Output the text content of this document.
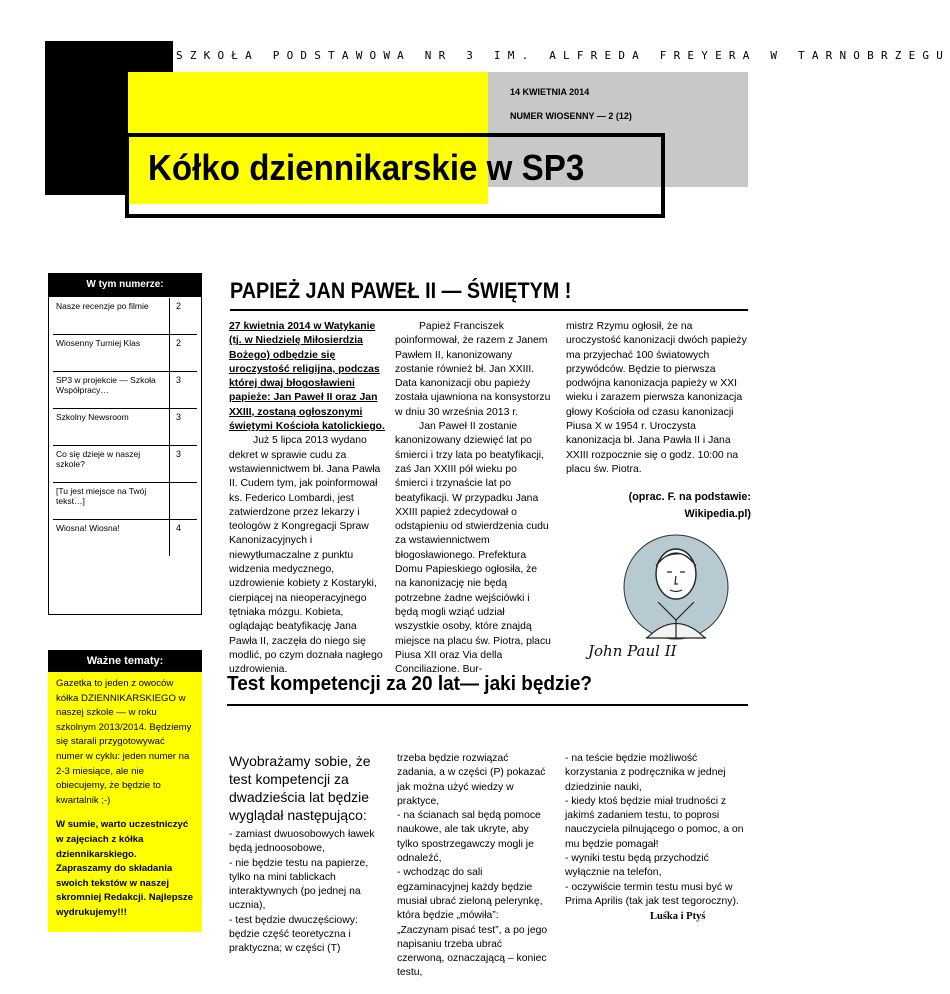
SZKOŁA PODSTAWOWA NR 3 IM. ALFREDA FREYERA W TARNOBRZEGU
14 KWIETNIA 2014
NUMER WIOSENNY — 2 (12)
Kółko dziennikarskie w SP3
W tym numerze:
Nasze recenzje po filmie	2
Wiosenny Turniej Klas	2
SP3 w projekcie — Szkoła Współpracy…	3
Szkolny Newsroom	3
Co się dzieje w naszej szkole?	3
[Tu jest miejsce na Twój tekst…]	
Wiosna! Wiosna!	4
Ważne tematy:

Gazetka to jeden z owoców kółka DZIENNIKARSKIEGO w naszej szkole — w roku szkolnym 2013/2014. Będziemy się starali przygotowywać numer w cyklu: jeden numer na 2-3 miesiące, ale nie obiecujemy, że będzie to kwartalnik ;-)

W sumie, warto uczestniczyć w zajęciach z kółka dziennikarskiego. Zapraszamy do składania swoich tekstów w naszej skromniej Redakcji. Najlepsze wydrukujemy!!!

PAPIEŻ JAN PAWEŁ II — ŚWIĘTYM !

27 kwietnia 2014 w Watykanie (tj. w Niedzielę Miłosierdzia Bożego) odbędzie się uroczystość religijna, podczas której dwaj błogosławieni papieże: Jan Paweł II oraz Jan XXIII, zostaną ogłoszonymi świętymi Kościoła katolickiego.

Już 5 lipca 2013 wydano dekret w sprawie cudu za wstawiennictwem bł. Jana Pawła II. Cudem tym, jak poinformował ks. Federico Lombardi, jest zatwierdzone przez lekarzy i teologów z Kongregacji Spraw Kanonizacyjnych i niewytłumaczalne z punktu widzenia medycznego, uzdrowienie kobiety z Kostaryki, cierpiącej na nieoperacyjnego tętniaka mózgu. Kobieta, oglądając beatyfikację Jana Pawła II, zaczęła do niego się modlić, po czym doznała nagłego uzdrowienia.

Papież Franciszek poinformował, że razem z Janem Pawłem II, kanonizowany zostanie również bł. Jan XXIII. Data kanonizacji obu papieży została ujawniona na konsystorzu w dniu 30 września 2013 r.

Jan Paweł II zostanie kanonizowany dziewięć lat po śmierci i trzy lata po beatyfikacji, zaś Jan XXIII pół wieku po śmierci i trzynaście lat po beatyfikacji. W przypadku Jana XXIII papież zdecydował o odstąpieniu od stwierdzenia cudu za wstawiennictwem błogosławionego. Prefektura Domu Papieskiego ogłosiła, że na kanonizację nie będą potrzebne żadne wejściówki i będą mogli wziąć udział wszystkie osoby, które znajdą miejsce na placu św. Piotra, placu Piusa XII oraz Via della Conciliazione. Bur-

mistrz Rzymu ogłosił, że na uroczystość kanonizacji dwóch papieży ma przyjechać 100 światowych przywódców. Będzie to pierwsza podwójna kanonizacja papieży w XXI wieku i zarazem pierwsza kanonizacja głowy Kościoła od czasu kanonizacji Piusa X w 1954 r. Uroczysta kanonizacja bł. Jana Pawła II i Jana XXIII rozpocznie się o godz. 10:00 na placu św. Piotra.

(oprac. F. na podstawie: Wikipedia.pl)
John Paul II
Test kompetencji za 20 lat— jaki będzie?

Wyobrażamy sobie, że test kompetencji za dwadzieścia lat będzie wyglądał następująco:

- zamiast dwuosobowych ławek będą jednoosobowe,

- nie będzie testu na papierze, tylko na mini tablickach interaktywnych (po jednej na ucznia),

- test będzie dwuczęściowy: będzie część teoretyczna i praktyczna; w części (T)

trzeba będzie rozwiązać zadania, a w części (P) pokazać jak można użyć wiedzy w praktyce,

- na ścianach sal będą pomoce naukowe, ale tak ukryte, aby tylko spostrzegawczy mogli je odnaleźć,

- wchodząc do sali egzaminacyjnej każdy będzie musiał ubrać zieloną pelerynkę, która będzie „mówiła”: „Zaczynam pisać test”, a po jego napisaniu trzeba ubrać czerwoną, oznaczającą – koniec testu,

- na teście będzie możliwość korzystania z podręcznika w jednej dziedzinie nauki,

- kiedy ktoś będzie miał trudności z jakimś zadaniem testu, to poprosi nauczyciela pilnującego o pomoc, a on mu będzie pomagał!

- wyniki testu będą przychodzić wyłącznie na telefon,

- oczywiście termin testu musi być w Prima Aprilis (tak jak test tegoroczny).

Luśka i Ptyś
